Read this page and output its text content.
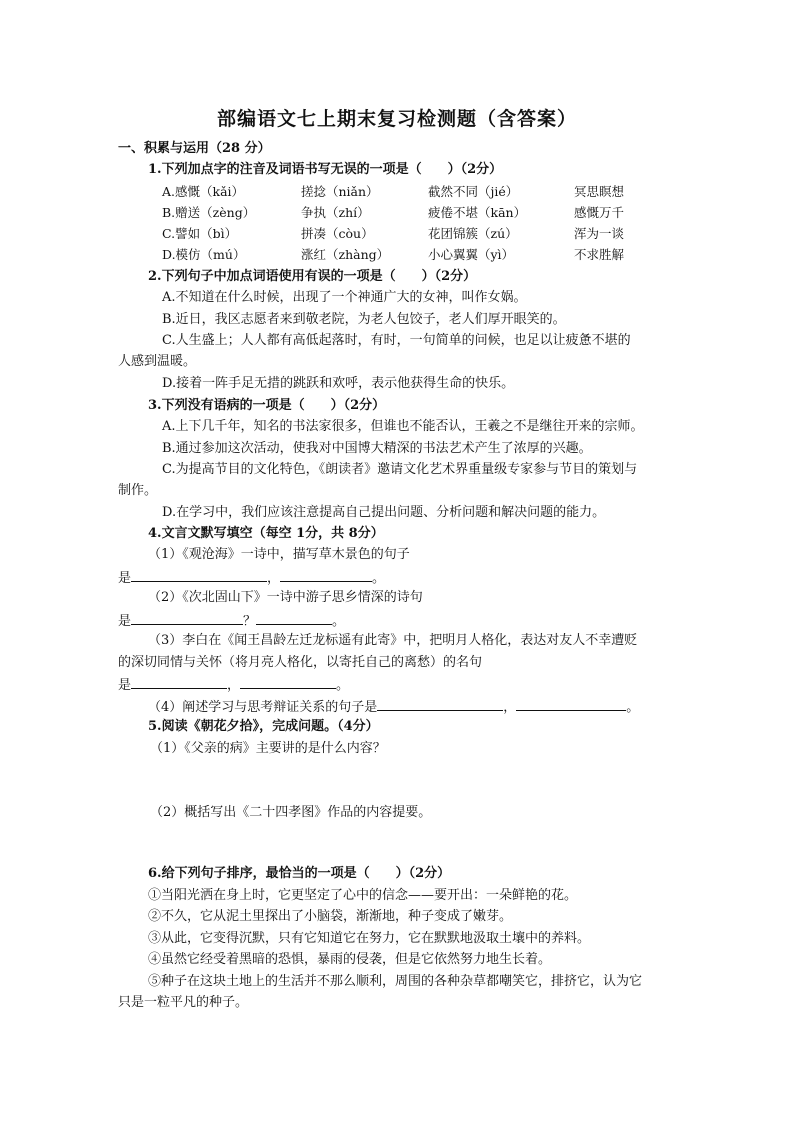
部编语文七上期末复习检测题（含答案）
一、积累与运用（28 分）
1.下列加点字的注音及词语书写无误的一项是（　　）（2分）
A.感慨（kǎi）	搓捻（niǎn）	截然不同（jié）	冥思瞑想
B.赠送（zèng）	争执（zhí）	疲倦不堪（kān）	感慨万千
C.譬如（bì）	拼凑（còu）	花团锦簇（zú）	浑为一谈
D.模仿（mú）	涨红（zhàng）	小心翼翼（yì）	不求胜解
2.下列句子中加点词语使用有误的一项是（　　）（2分）
A.不知道在什么时候，出现了一个神通广大的女神，叫作女娲。
B.近日，我区志愿者来到敬老院，为老人包饺子，老人们厚开眼笑的。
C.人生盛上；人人都有高低起落时，有时，一句简单的问候，也足以让疲惫不堪的
人感到温暖。
D.接着一阵手足无措的跳跃和欢呼，表示他获得生命的快乐。
3.下列没有语病的一项是（　　）（2分）
A.上下几千年，知名的书法家很多，但谁也不能否认，王羲之不是继往开来的宗师。
B.通过参加这次活动，使我对中国博大精深的书法艺术产生了浓厚的兴趣。
C.为提高节目的文化特色，《朗读者》邀请文化艺术界重量级专家参与节目的策划与
制作。
D.在学习中，我们应该注意提高自己提出问题、分析问题和解决问题的能力。
4.文言文默写填空（每空 1分，共 8分）
（1）《观沧海》一诗中，描写草木景色的句子
是	，	。
（2）《次北固山下》一诗中游子思乡情深的诗句
是	？	。
（3）李白在《闻王昌龄左迁龙标遥有此寄》中，把明月人格化，表达对友人不幸遭贬
的深切同情与关怀（将月亮人格化，以寄托自己的离愁）的名句
是	，	。
（4）阐述学习与思考辩证关系的句子是	，	。
5.阅读《朝花夕拾》，完成问题。（4分）
（1）《父亲的病》主要讲的是什么内容？
（2）概括写出《二十四孝图》作品的内容提要。
6.给下列句子排序，最恰当的一项是（　　）（2分）
①当阳光洒在身上时，它更坚定了心中的信念——要开出：一朵鲜艳的花。
②不久，它从泥土里探出了小脑袋，渐渐地，种子变成了嫩芽。
③从此，它变得沉默，只有它知道它在努力，它在默默地汲取土壤中的养料。
④虽然它经受着黑暗的恐惧，暴雨的侵袭，但是它依然努力地生长着。
⑤种子在这块土地上的生活并不那么顺利，周围的各种杂草都嘲笑它，排挤它，认为它
只是一粒平凡的种子。
